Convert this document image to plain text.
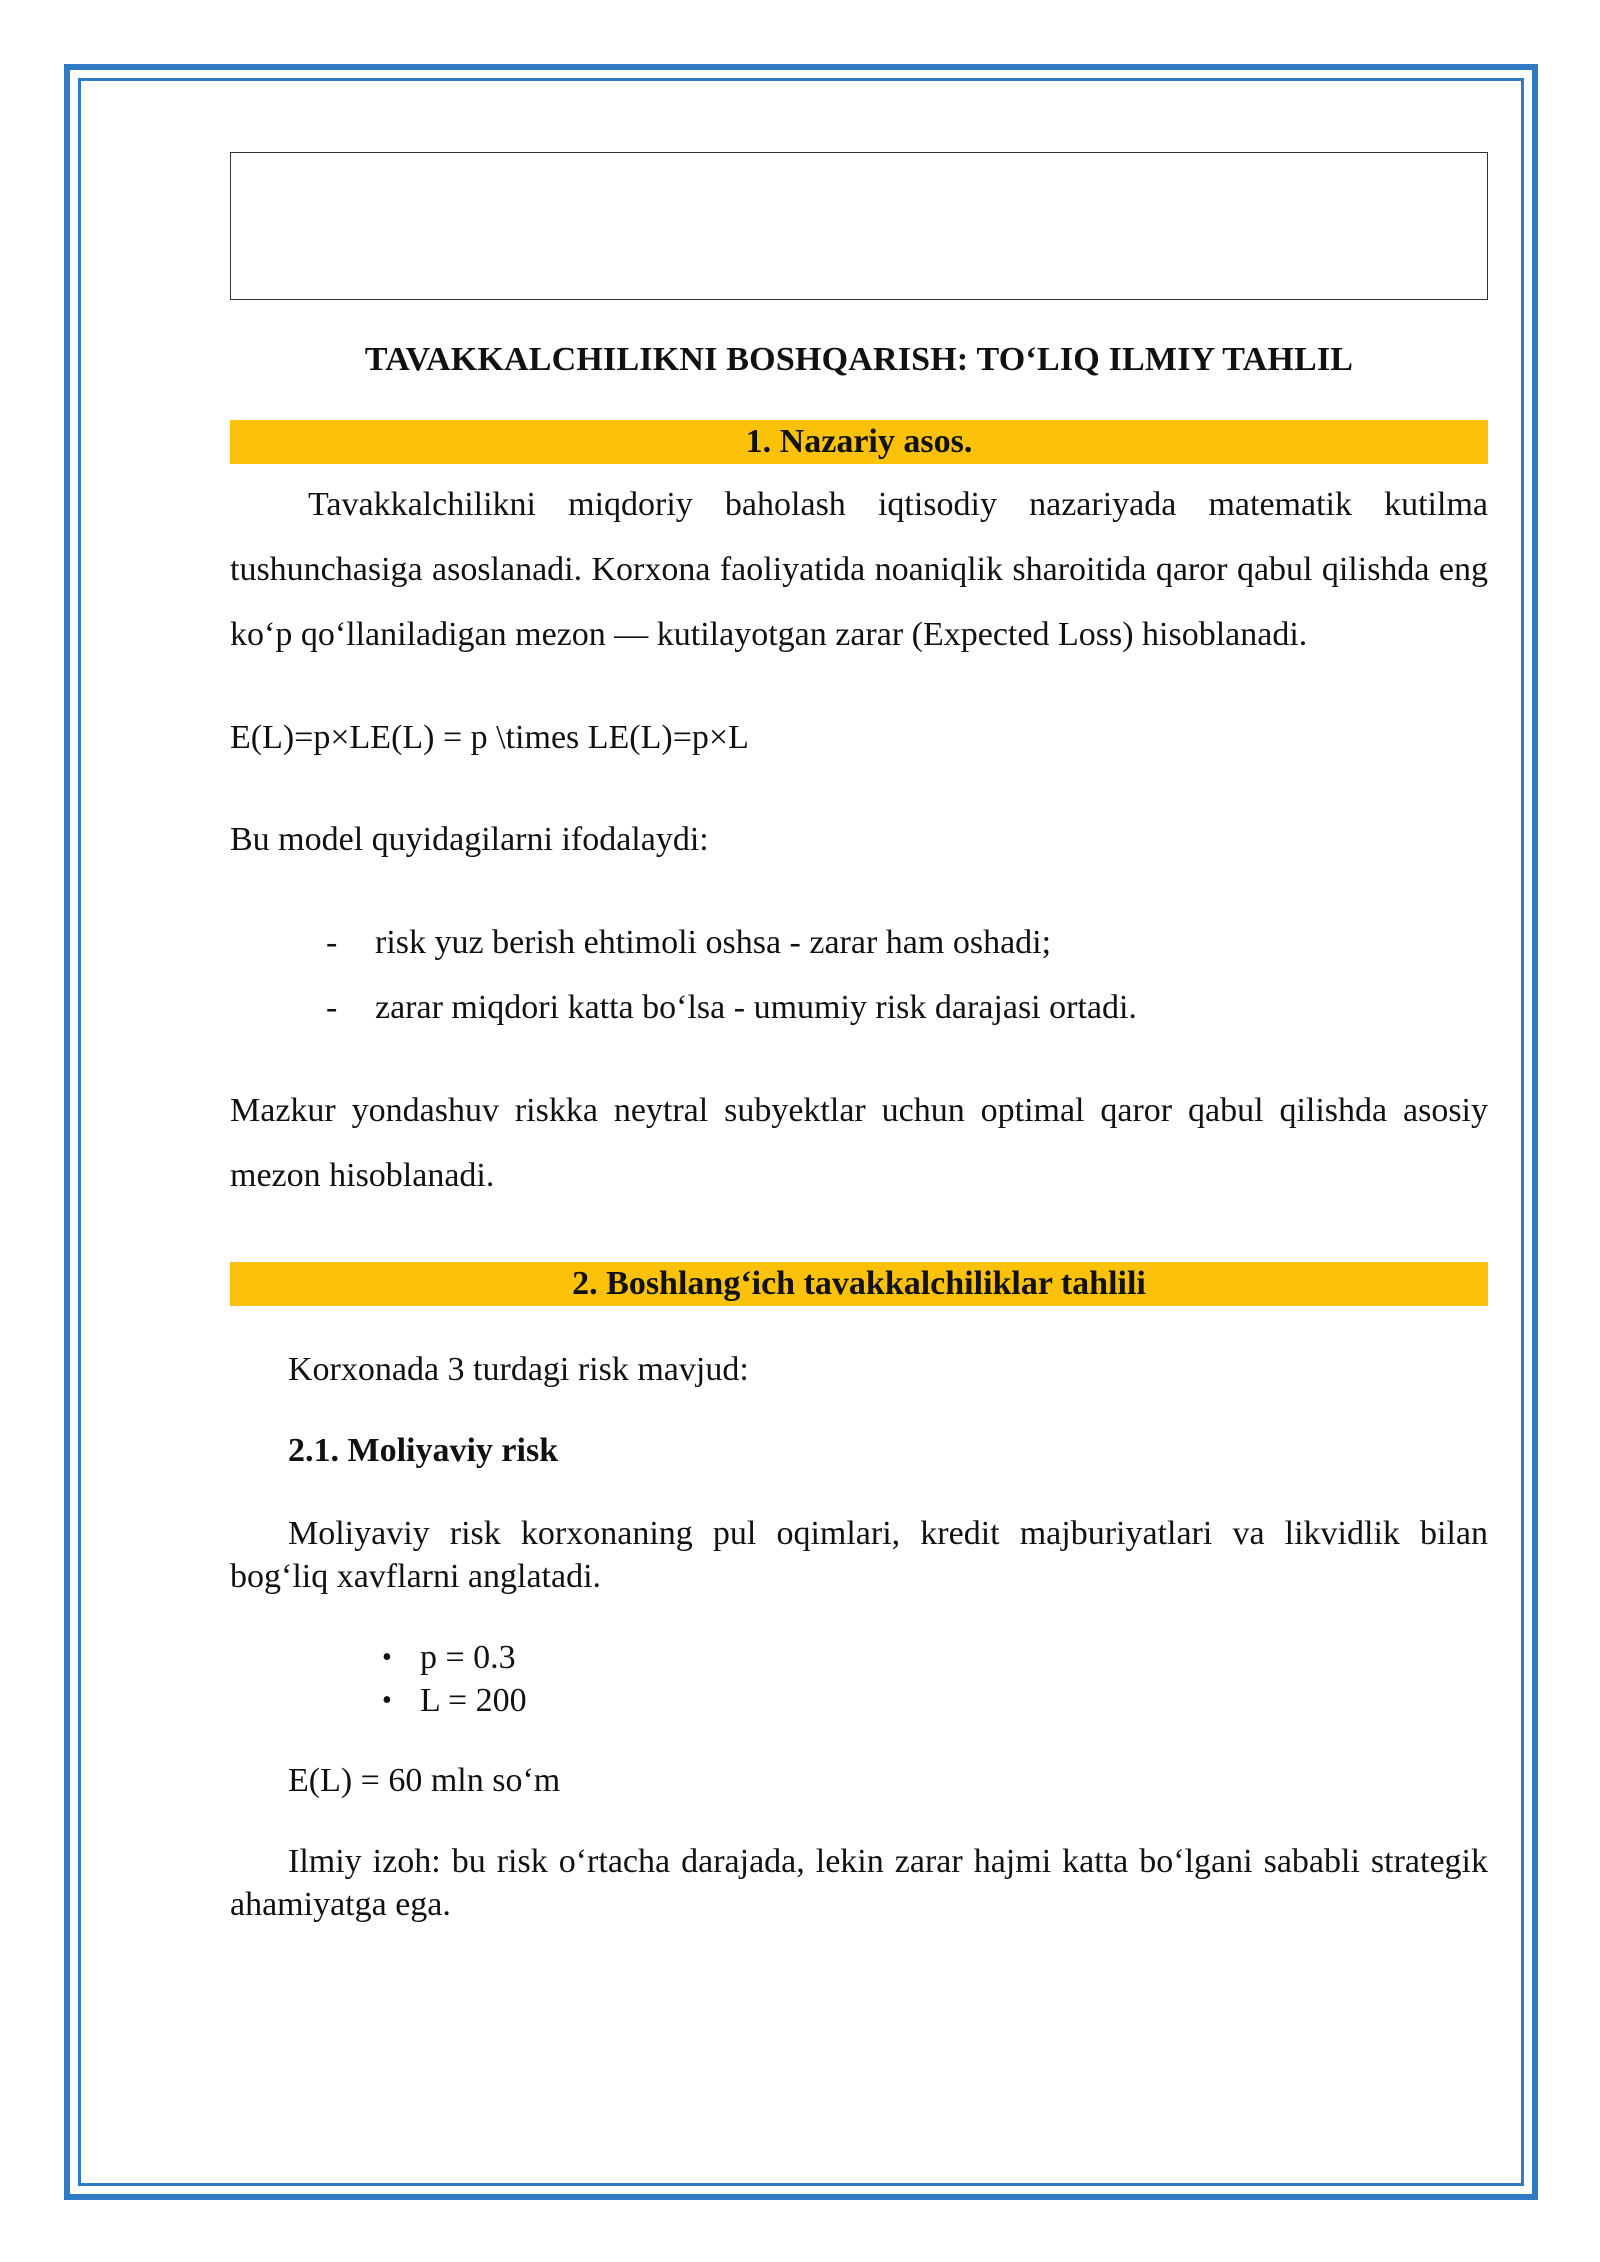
TAVAKKALCHILIKNI BOSHQARISH: TO‘LIQ ILMIY TAHLIL
1. Nazariy asos.

Tavakkalchilikni miqdoriy baholash iqtisodiy nazariyada matematik kutilma tushunchasiga asoslanadi. Korxona faoliyatida noaniqlik sharoitida qaror qabul qilishda eng ko‘p qo‘llaniladigan mezon — kutilayotgan zarar (Expected Loss) hisoblanadi.

E(L)=p×LE(L) = p \times LE(L)=p×L

Bu model quyidagilarni ifodalaydi:

- risk yuz berish ehtimoli oshsa - zarar ham oshadi;
- zarar miqdori katta bo‘lsa - umumiy risk darajasi ortadi.

Mazkur yondashuv riskka neytral subyektlar uchun optimal qaror qabul qilishda asosiy mezon hisoblanadi.

2. Boshlang‘ich tavakkalchiliklar tahlili

Korxonada 3 turdagi risk mavjud:

2.1. Moliyaviy risk

Moliyaviy risk korxonaning pul oqimlari, kredit majburiyatlari va likvidlik bilan bog‘liq xavflarni anglatadi.

• p = 0.3
• L = 200

E(L) = 60 mln so‘m

Ilmiy izoh: bu risk o‘rtacha darajada, lekin zarar hajmi katta bo‘lgani sababli strategik ahamiyatga ega.
